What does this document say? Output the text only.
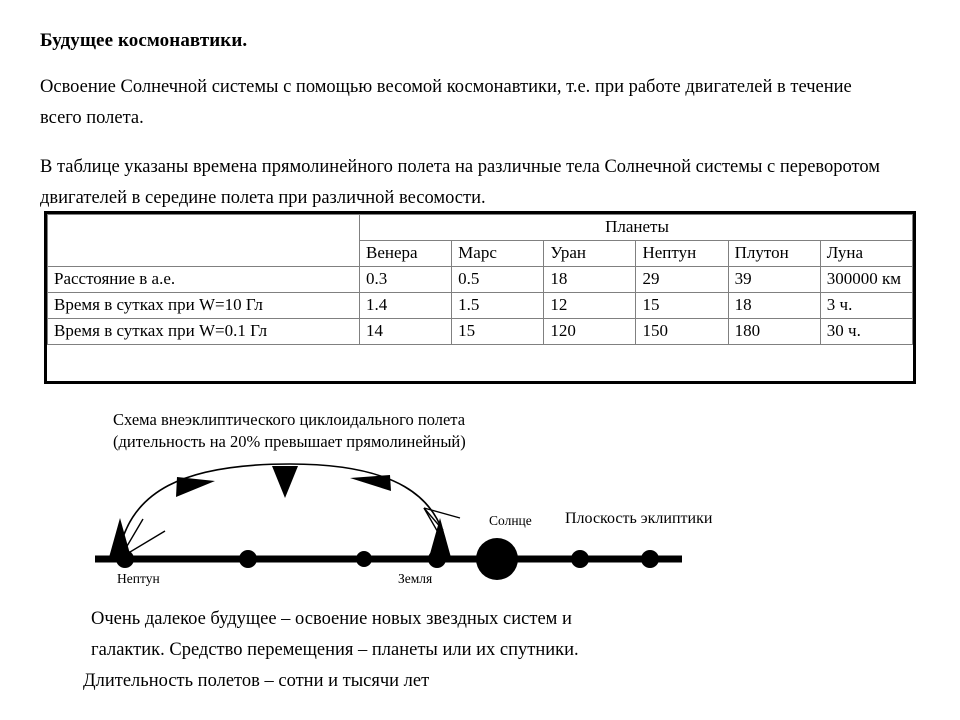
Будущее космонавтики.
Освоение Солнечной системы с помощью весомой космонавтики, т.е. при работе двигателей в течение всего полета.
В таблице указаны времена прямолинейного полета на различные тела Солнечной системы с переворотом двигателей в середине полета при различной весомости.
	Планеты					
	Венера	Марс	Уран	Нептун	Плутон	Луна
Расстояние в а.е.	0.3	0.5	18	29	39	300000 км
Время в сутках при W=10 Гл	1.4	1.5	12	15	18	3 ч.
Время в сутках при W=0.1 Гл	14	15	120	150	180	30 ч.
Схема внеэклиптического циклоидального полета
(дительность на 20% превышает прямолинейный)
Нептун	Земля
Солнце Плоскость эклиптики
Очень далекое будущее – освоение новых звездных систем и
галактик. Средство перемещения – планеты или их спутники.
Длительность полетов – сотни и тысячи лет
